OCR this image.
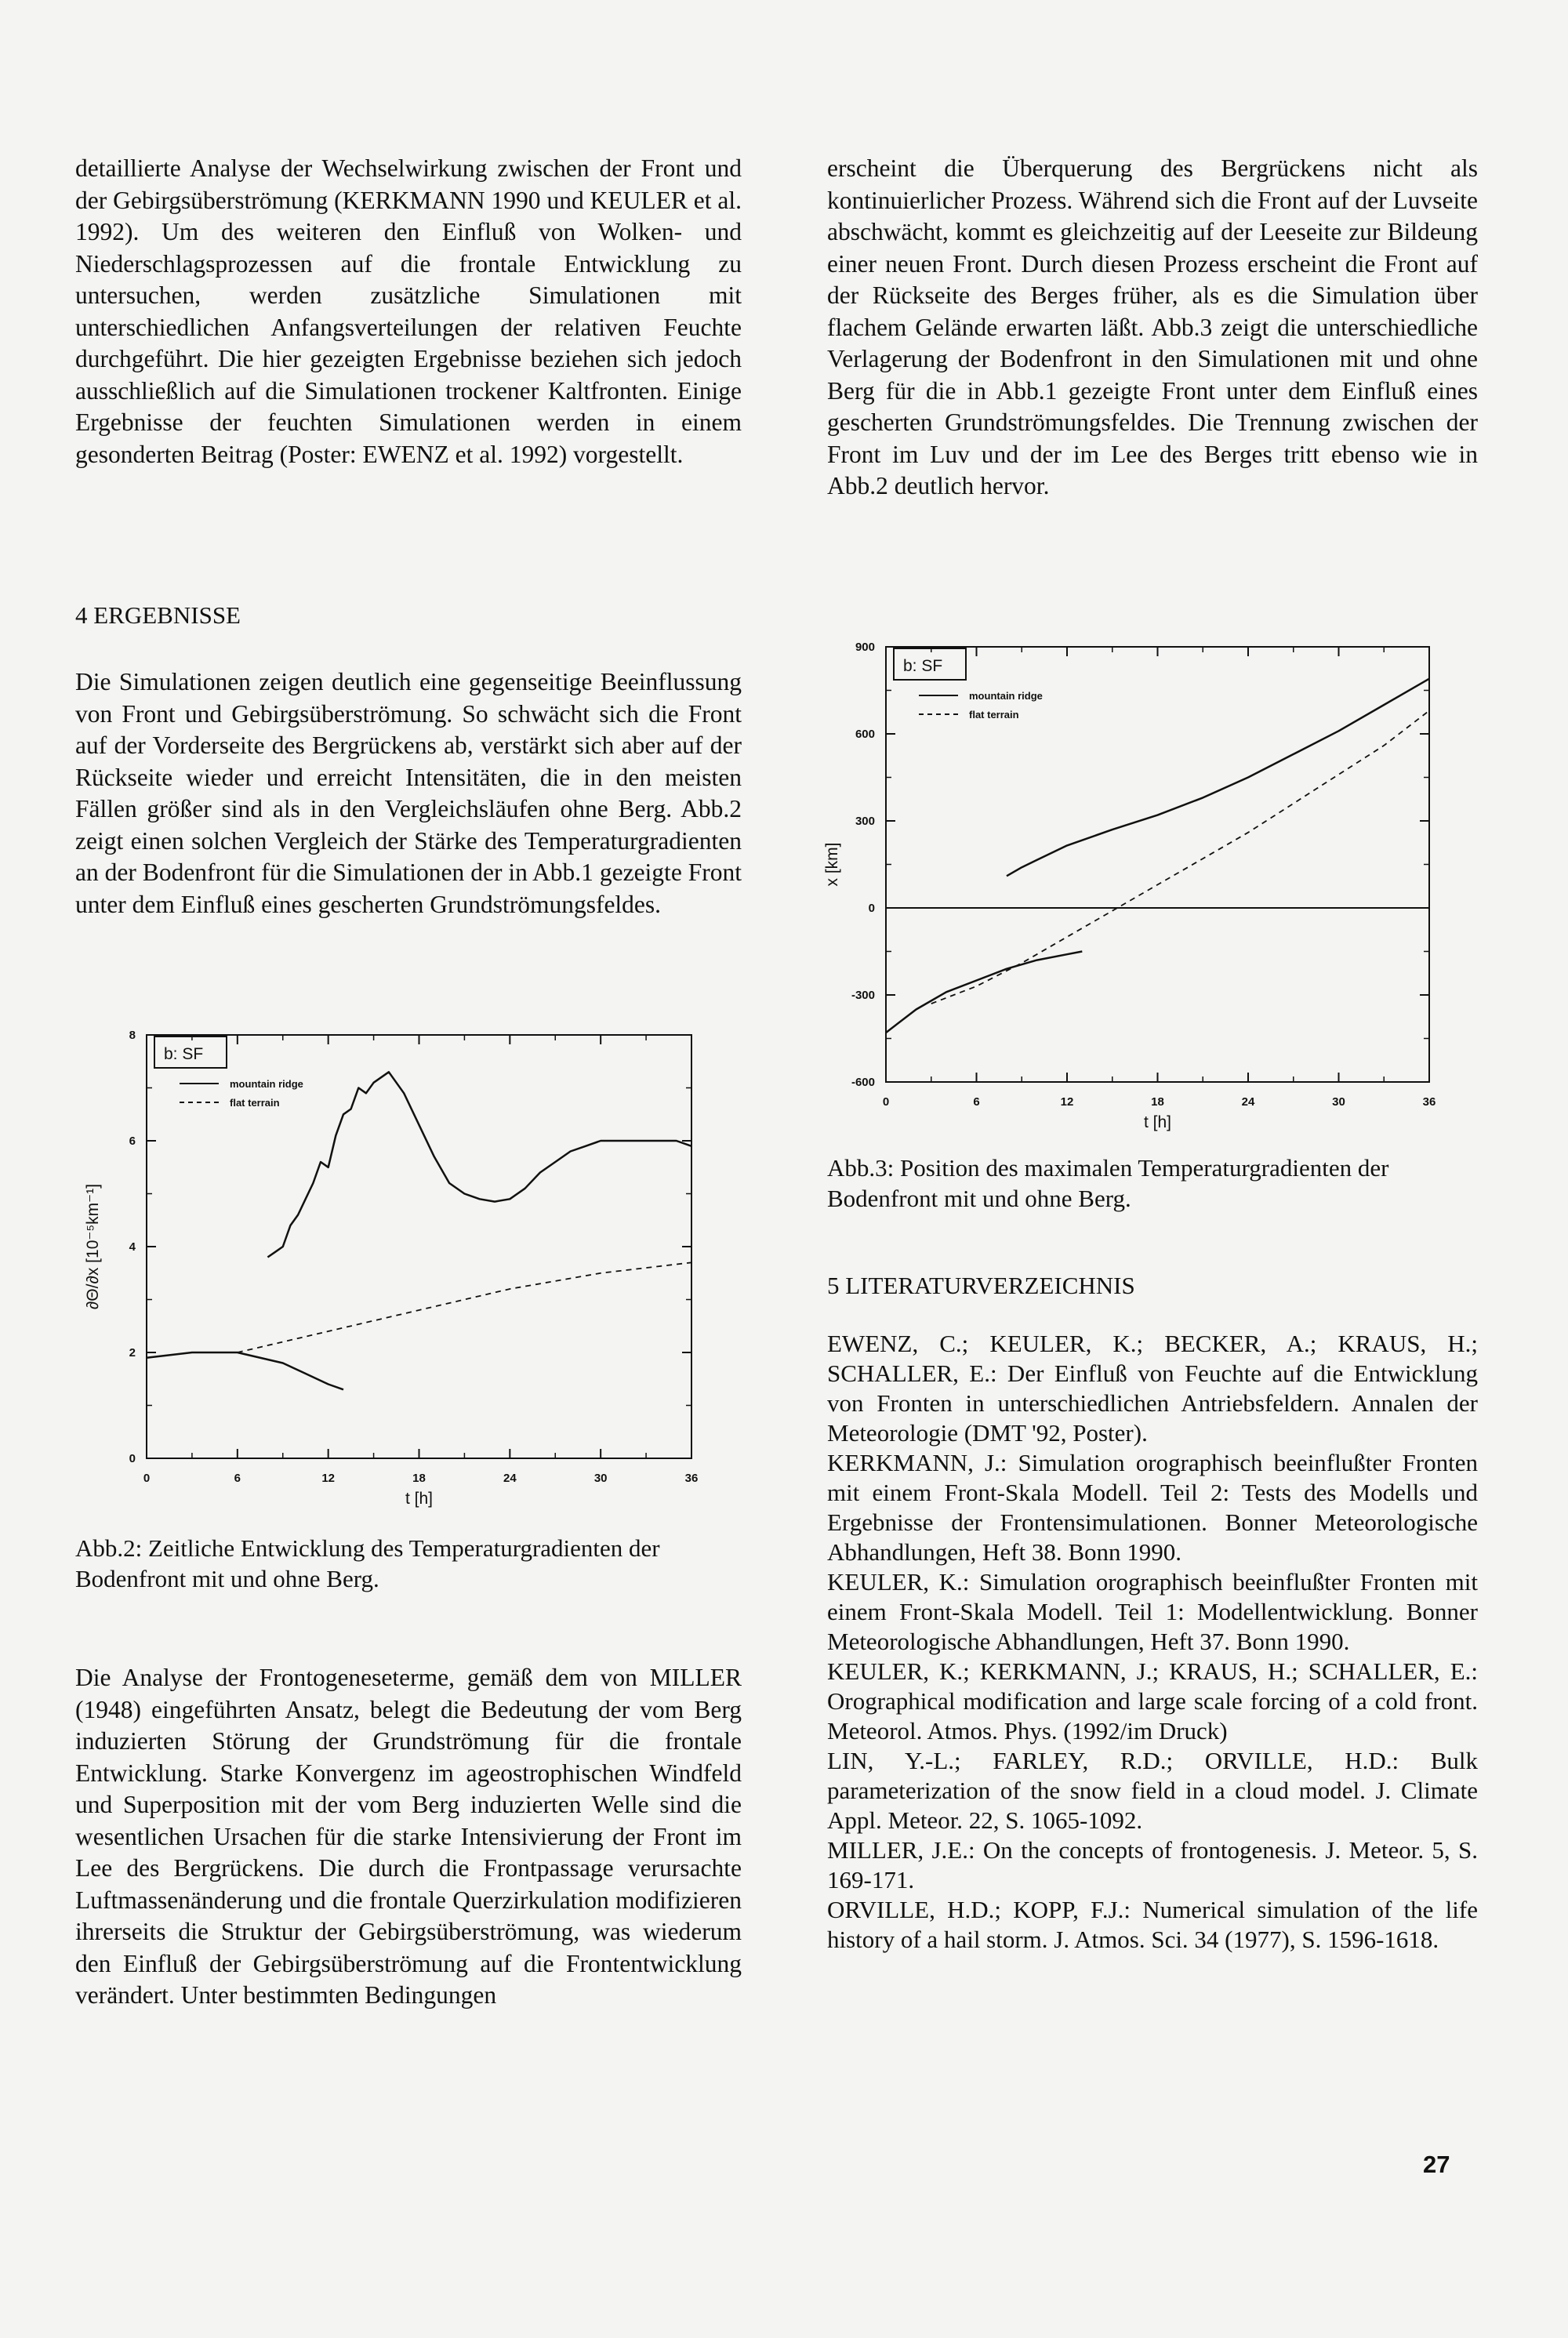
detaillierte Analyse der Wechselwirkung zwischen der Front und der Gebirgsüberströmung (KERKMANN 1990 und KEULER et al. 1992). Um des weiteren den Einfluß von Wolken- und Niederschlagsprozessen auf die frontale Entwicklung zu untersuchen, werden zusätzliche Simulationen mit unterschiedlichen Anfangsverteilungen der relativen Feuchte durchgeführt. Die hier gezeigten Ergebnisse beziehen sich jedoch ausschließlich auf die Simulationen trockener Kaltfronten. Einige Ergebnisse der feuchten Simulationen werden in einem gesonderten Beitrag (Poster: EWENZ et al. 1992) vorgestellt.

4 ERGEBNISSE

Die Simulationen zeigen deutlich eine gegenseitige Beeinflussung von Front und Gebirgsüberströmung. So schwächt sich die Front auf der Vorderseite des Bergrückens ab, verstärkt sich aber auf der Rückseite wieder und erreicht Intensitäten, die in den meisten Fällen größer sind als in den Vergleichsläufen ohne Berg. Abb.2 zeigt einen solchen Vergleich der Stärke des Temperaturgradienten an der Bodenfront für die Simulationen der in Abb.1 gezeigte Front unter dem Einfluß eines gescherten Grundströmungsfeldes.

0	6	12	18	24	30	36
0
2
4
6
8
t [h]
∂Θ/∂x [10⁻⁵km⁻¹]
b: SF
mountain ridge
flat terrain
Abb.2: Zeitliche Entwicklung des Temperaturgradienten der Bodenfront mit und ohne Berg.

Die Analyse der Frontogeneseterme, gemäß dem von MILLER (1948) eingeführten Ansatz, belegt die Bedeutung der vom Berg induzierten Störung der Grundströmung für die frontale Entwicklung. Starke Konvergenz im ageostrophischen Windfeld und Superposition mit der vom Berg induzierten Welle sind die wesentlichen Ursachen für die starke Intensivierung der Front im Lee des Bergrückens. Die durch die Frontpassage verursachte Luftmassenänderung und die frontale Querzirkulation modifizieren ihrerseits die Struktur der Gebirgsüberströmung, was wiederum den Einfluß der Gebirgsüberströmung auf die Frontentwicklung verändert. Unter bestimmten Bedingungen

erscheint die Überquerung des Bergrückens nicht als kontinuierlicher Prozess. Während sich die Front auf der Luvseite abschwächt, kommt es gleichzeitig auf der Leeseite zur Bildeung einer neuen Front. Durch diesen Prozess erscheint die Front auf der Rückseite des Berges früher, als es die Simulation über flachem Gelände erwarten läßt. Abb.3 zeigt die unterschiedliche Verlagerung der Bodenfront in den Simulationen mit und ohne Berg für die in Abb.1 gezeigte Front unter dem Einfluß eines gescherten Grundströmungsfeldes. Die Trennung zwischen der Front im Luv und der im Lee des Berges tritt ebenso wie in Abb.2 deutlich hervor.

0	6	12	18	24	30	36
-600
-300
0
300
600
900
t [h]
x [km]
b: SF
mountain ridge
flat terrain
Abb.3: Position des maximalen Temperaturgradienten der Bodenfront mit und ohne Berg.
5 LITERATURVERZEICHNIS

EWENZ, C.; KEULER, K.; BECKER, A.; KRAUS, H.; SCHALLER, E.: Der Einfluß von Feuchte auf die Entwicklung von Fronten in unterschiedlichen Antriebsfeldern. Annalen der Meteorologie (DMT '92, Poster).

KERKMANN, J.: Simulation orographisch beeinflußter Fronten mit einem Front-Skala Modell. Teil 2: Tests des Modells und Ergebnisse der Frontensimulationen. Bonner Meteorologische Abhandlungen, Heft 38. Bonn 1990.

KEULER, K.: Simulation orographisch beeinflußter Fronten mit einem Front-Skala Modell. Teil 1: Modellentwicklung. Bonner Meteorologische Abhandlungen, Heft 37. Bonn 1990.

KEULER, K.; KERKMANN, J.; KRAUS, H.; SCHALLER, E.: Orographical modification and large scale forcing of a cold front. Meteorol. Atmos. Phys. (1992/im Druck)

LIN, Y.-L.; FARLEY, R.D.; ORVILLE, H.D.: Bulk parameterization of the snow field in a cloud model. J. Climate Appl. Meteor. 22, S. 1065-1092.

MILLER, J.E.: On the concepts of frontogenesis. J. Meteor. 5, S. 169-171.

ORVILLE, H.D.; KOPP, F.J.: Numerical simulation of the life history of a hail storm. J. Atmos. Sci. 34 (1977), S. 1596-1618.

27
